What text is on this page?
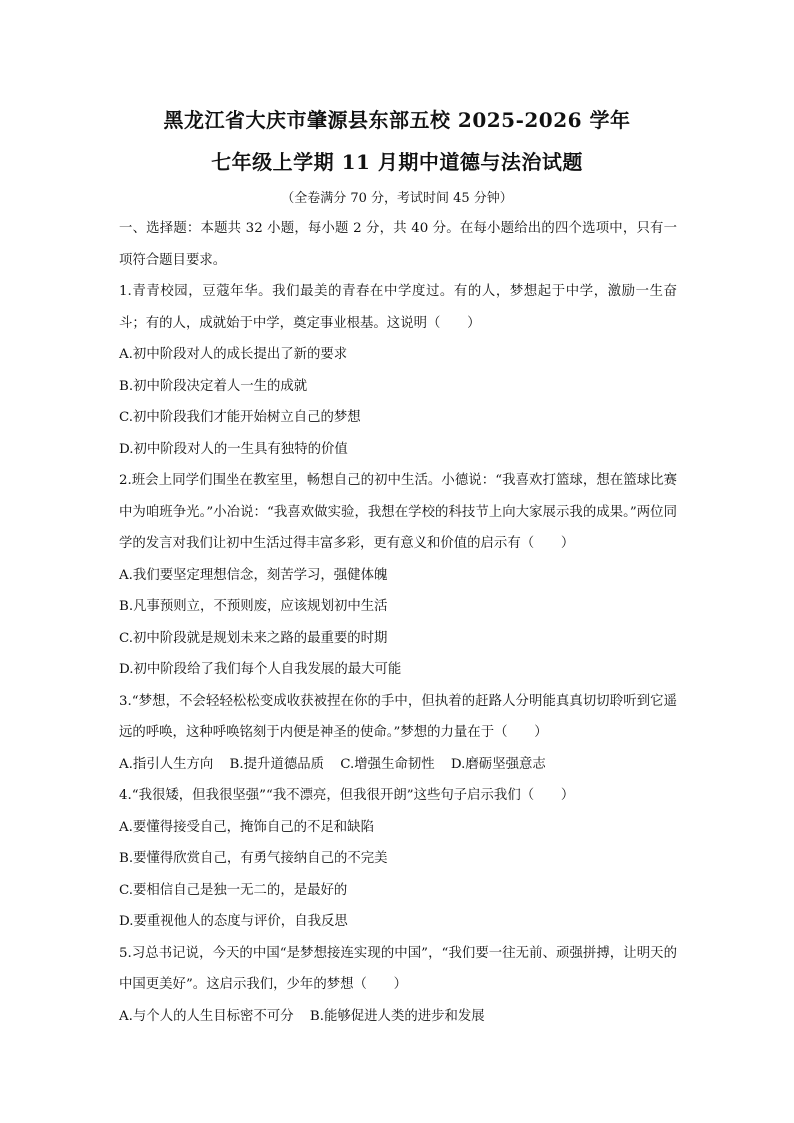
黑龙江省大庆市肇源县东部五校 2025-2026 学年
七年级上学期 11 月期中道德与法治试题
（全卷满分 70 分，考试时间 45 分钟）

一、选择题：本题共 32 小题，每小题 2 分，共 40 分。在每小题给出的四个选项中，只有一项符合题目要求。

1.青青校园，豆蔻年华。我们最美的青春在中学度过。有的人，梦想起于中学，激励一生奋斗；有的人，成就始于中学，奠定事业根基。这说明（　　）

A.初中阶段对人的成长提出了新的要求

B.初中阶段决定着人一生的成就

C.初中阶段我们才能开始树立自己的梦想

D.初中阶段对人的一生具有独特的价值

2.班会上同学们围坐在教室里，畅想自己的初中生活。小德说：“我喜欢打篮球，想在篮球比赛中为咱班争光。”小冶说：“我喜欢做实验，我想在学校的科技节上向大家展示我的成果。”两位同学的发言对我们让初中生活过得丰富多彩，更有意义和价值的启示有（　　）

A.我们要坚定理想信念，刻苦学习，强健体魄

B.凡事预则立，不预则废，应该规划初中生活

C.初中阶段就是规划未来之路的最重要的时期

D.初中阶段给了我们每个人自我发展的最大可能

3.“梦想，不会轻轻松松变成收获被捏在你的手中，但执着的赶路人分明能真真切切聆听到它遥远的呼唤，这种呼唤铭刻于内便是神圣的使命。”梦想的力量在于（　　）

A.指引人生方向 B.提升道德品质 C.增强生命韧性 D.磨砺坚强意志

4.“我很矮，但我很坚强”“我不漂亮，但我很开朗”这些句子启示我们（　　）

A.要懂得接受自己，掩饰自己的不足和缺陷

B.要懂得欣赏自己，有勇气接纳自己的不完美

C.要相信自己是独一无二的，是最好的

D.要重视他人的态度与评价，自我反思

5.习总书记说，今天的中国“是梦想接连实现的中国”，“我们要一往无前、顽强拼搏，让明天的中国更美好”。这启示我们，少年的梦想（　　）

A.与个人的人生目标密不可分 B.能够促进人类的进步和发展
